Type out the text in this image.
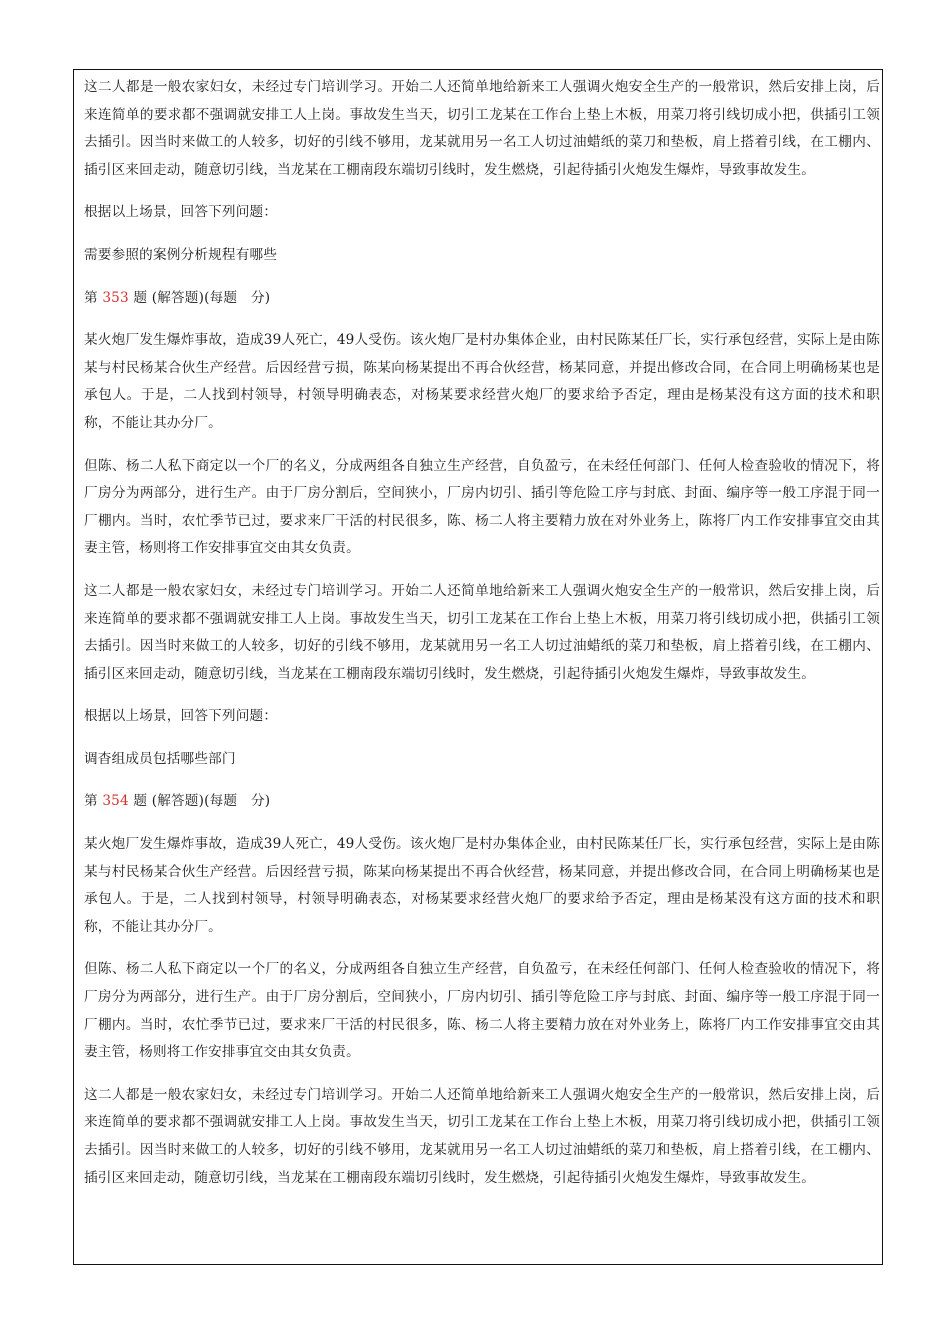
这二人都是一般农家妇女，未经过专门培训学习。开始二人还简单地给新来工人强调火炮安全生产的一般常识，然后安排上岗，后来连简单的要求都不强调就安排工人上岗。事故发生当天，切引工龙某在工作台上垫上木板，用菜刀将引线切成小把，供插引工领去插引。因当时来做工的人较多，切好的引线不够用，龙某就用另一名工人切过油蜡纸的菜刀和垫板，肩上搭着引线，在工棚内、插引区来回走动，随意切引线，当龙某在工棚南段东端切引线时，发生燃烧，引起待插引火炮发生爆炸，导致事故发生。

根据以上场景，回答下列问题：

需要参照的案例分析规程有哪些

第 353 题 (解答题)(每题　分)

某火炮厂发生爆炸事故，造成39人死亡，49人受伤。该火炮厂是村办集体企业，由村民陈某任厂长，实行承包经营，实际上是由陈某与村民杨某合伙生产经营。后因经营亏损，陈某向杨某提出不再合伙经营，杨某同意，并提出修改合同，在合同上明确杨某也是承包人。于是，二人找到村领导，村领导明确表态，对杨某要求经营火炮厂的要求给予否定，理由是杨某没有这方面的技术和职称，不能让其办分厂。

但陈、杨二人私下商定以一个厂的名义，分成两组各自独立生产经营，自负盈亏，在未经任何部门、任何人检查验收的情况下，将厂房分为两部分，进行生产。由于厂房分割后，空间狭小，厂房内切引、插引等危险工序与封底、封面、编序等一般工序混于同一厂棚内。当时，农忙季节已过，要求来厂干活的村民很多，陈、杨二人将主要精力放在对外业务上，陈将厂内工作安排事宜交由其妻主管，杨则将工作安排事宜交由其女负责。

这二人都是一般农家妇女，未经过专门培训学习。开始二人还简单地给新来工人强调火炮安全生产的一般常识，然后安排上岗，后来连简单的要求都不强调就安排工人上岗。事故发生当天，切引工龙某在工作台上垫上木板，用菜刀将引线切成小把，供插引工领去插引。因当时来做工的人较多，切好的引线不够用，龙某就用另一名工人切过油蜡纸的菜刀和垫板，肩上搭着引线，在工棚内、插引区来回走动，随意切引线，当龙某在工棚南段东端切引线时，发生燃烧，引起待插引火炮发生爆炸，导致事故发生。

根据以上场景，回答下列问题：

调杳组成员包括哪些部门

第 354 题 (解答题)(每题　分)

某火炮厂发生爆炸事故，造成39人死亡，49人受伤。该火炮厂是村办集体企业，由村民陈某任厂长，实行承包经营，实际上是由陈某与村民杨某合伙生产经营。后因经营亏损，陈某向杨某提出不再合伙经营，杨某同意，并提出修改合同，在合同上明确杨某也是承包人。于是，二人找到村领导，村领导明确表态，对杨某要求经营火炮厂的要求给予否定，理由是杨某没有这方面的技术和职称，不能让其办分厂。

但陈、杨二人私下商定以一个厂的名义，分成两组各自独立生产经营，自负盈亏，在未经任何部门、任何人检查验收的情况下，将厂房分为两部分，进行生产。由于厂房分割后，空间狭小，厂房内切引、插引等危险工序与封底、封面、编序等一般工序混于同一厂棚内。当时，农忙季节已过，要求来厂干活的村民很多，陈、杨二人将主要精力放在对外业务上，陈将厂内工作安排事宜交由其妻主管，杨则将工作安排事宜交由其女负责。

这二人都是一般农家妇女，未经过专门培训学习。开始二人还简单地给新来工人强调火炮安全生产的一般常识，然后安排上岗，后来连简单的要求都不强调就安排工人上岗。事故发生当天，切引工龙某在工作台上垫上木板，用菜刀将引线切成小把，供插引工领去插引。因当时来做工的人较多，切好的引线不够用，龙某就用另一名工人切过油蜡纸的菜刀和垫板，肩上搭着引线，在工棚内、插引区来回走动，随意切引线，当龙某在工棚南段东端切引线时，发生燃烧，引起待插引火炮发生爆炸，导致事故发生。
